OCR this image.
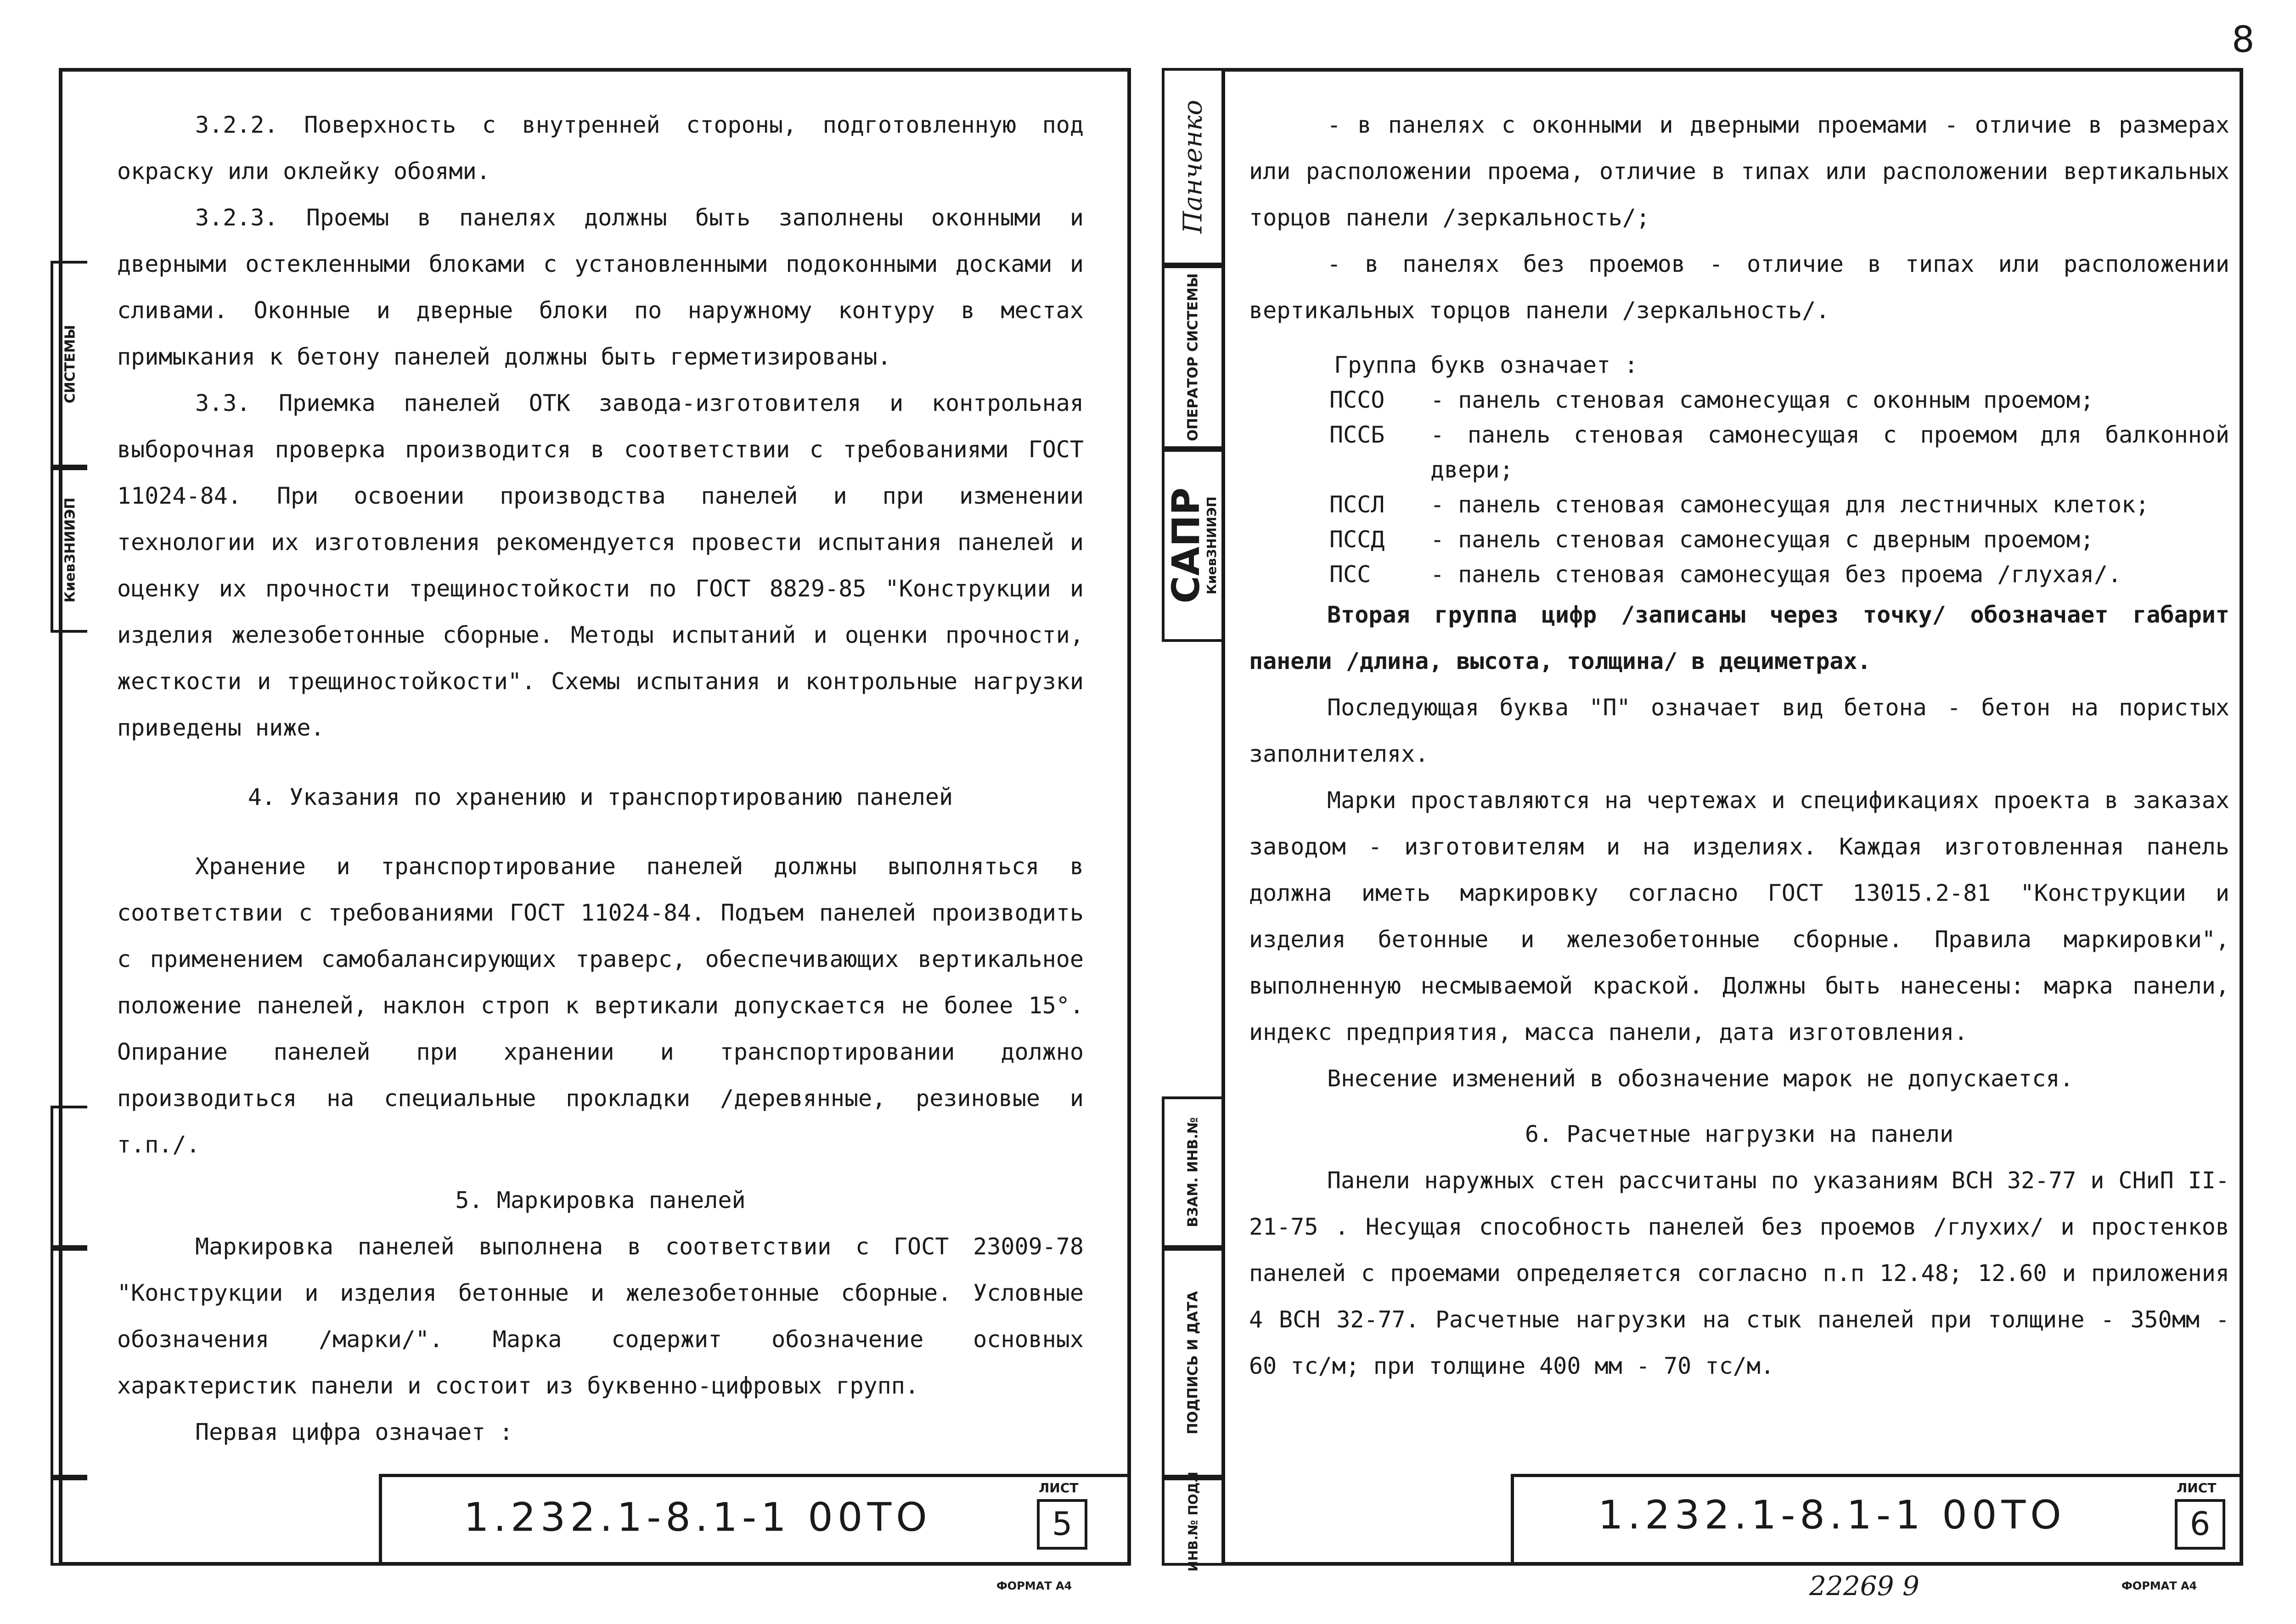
8
СИСТЕМЫ
КиевЗНИИЭП

3.2.2. Поверхность с внутренней стороны, подготовленную под окраску или оклейку обоями.

3.2.3. Проемы в панелях должны быть заполнены оконными и дверными остекленными блоками с установленными подоконными досками и сливами. Оконные и дверные блоки по наружному контуру в местах примыкания к бетону панелей должны быть герметизированы.

3.3. Приемка панелей ОТК завода-изготовителя и контрольная выборочная проверка производится в соответствии с требованиями ГОСТ 11024-84. При освоении производства панелей и при изменении технологии их изготовления рекомендуется провести испытания панелей и оценку их прочности трещиностойкости по ГОСТ 8829-85 "Конструкции и изделия железобетонные сборные. Методы испытаний и оценки прочности, жесткости и трещиностойкости". Схемы испытания и контрольные нагрузки приведены ниже.

4. Указания по хранению и транспортированию панелей

Хранение и транспортирование панелей должны выполняться в соответствии с требованиями ГОСТ 11024-84. Подъем панелей производить с применением самобалансирующих траверс, обеспечивающих вертикальное положение панелей, наклон строп к вертикали допускается не более 15°. Опирание панелей при хранении и транспортировании должно производиться на специальные прокладки /деревянные, резиновые и т.п./.

5. Маркировка панелей

Маркировка панелей выполнена в соответствии с ГОСТ 23009-78 "Конструкции и изделия бетонные и железобетонные сборные. Условные обозначения /марки/". Марка содержит обозначение основных характеристик панели и состоит из буквенно-цифровых групп.

Первая цифра означает :

1.232.1-8.1-1 00ТО
ЛИСТ
5
ФОРМАТ А4
Панченко
ОПЕРАТОР СИСТЕМЫ
САПР
КиевЗНИИЭП
ВЗАМ. ИНВ.№
ПОДПИСЬ И ДАТА
ИНВ.№ ПОДЛ

- в панелях с оконными и дверными проемами - отличие в размерах или расположении проема, отличие в типах или расположении вертикальных торцов панели /зеркальность/;

- в панелях без проемов - отличие в типах или расположении вертикальных торцов панели /зеркальность/.

Группа букв означает :

ПССО	- панель стеновая самонесущая с оконным проемом;

ПССБ	- панель стеновая самонесущая с проемом для балконной двери;

ПССЛ	- панель стеновая самонесущая для лестничных клеток;

ПССД	- панель стеновая самонесущая с дверным проемом;

ПСС	- панель стеновая самонесущая без проема /глухая/.

Вторая группа цифр /записаны через точку/ обозначает габарит панели /длина, высота, толщина/ в дециметрах.

Последующая буква "П" означает вид бетона - бетон на пористых заполнителях.

Марки проставляются на чертежах и спецификациях проекта в заказах заводом - изготовителям и на изделиях. Каждая изготовленная панель должна иметь маркировку согласно ГОСТ 13015.2-81 "Конструкции и изделия бетонные и железобетонные сборные. Правила маркировки", выполненную несмываемой краской. Должны быть нанесены: марка панели, индекс предприятия, масса панели, дата изготовления.

Внесение изменений в обозначение марок не допускается.

6. Расчетные нагрузки на панели

Панели наружных стен рассчитаны по указаниям ВСН 32-77 и СНиП II-21-75 . Несущая способность панелей без проемов /глухих/ и простенков панелей с проемами определяется согласно п.п 12.48; 12.60 и приложения 4 ВСН 32-77. Расчетные нагрузки на стык панелей при толщине - 350мм - 60 тс/м; при толщине 400 мм - 70 тс/м.

1.232.1-8.1-1 00ТО
ЛИСТ
6
22269 9	ФОРМАТ А4
